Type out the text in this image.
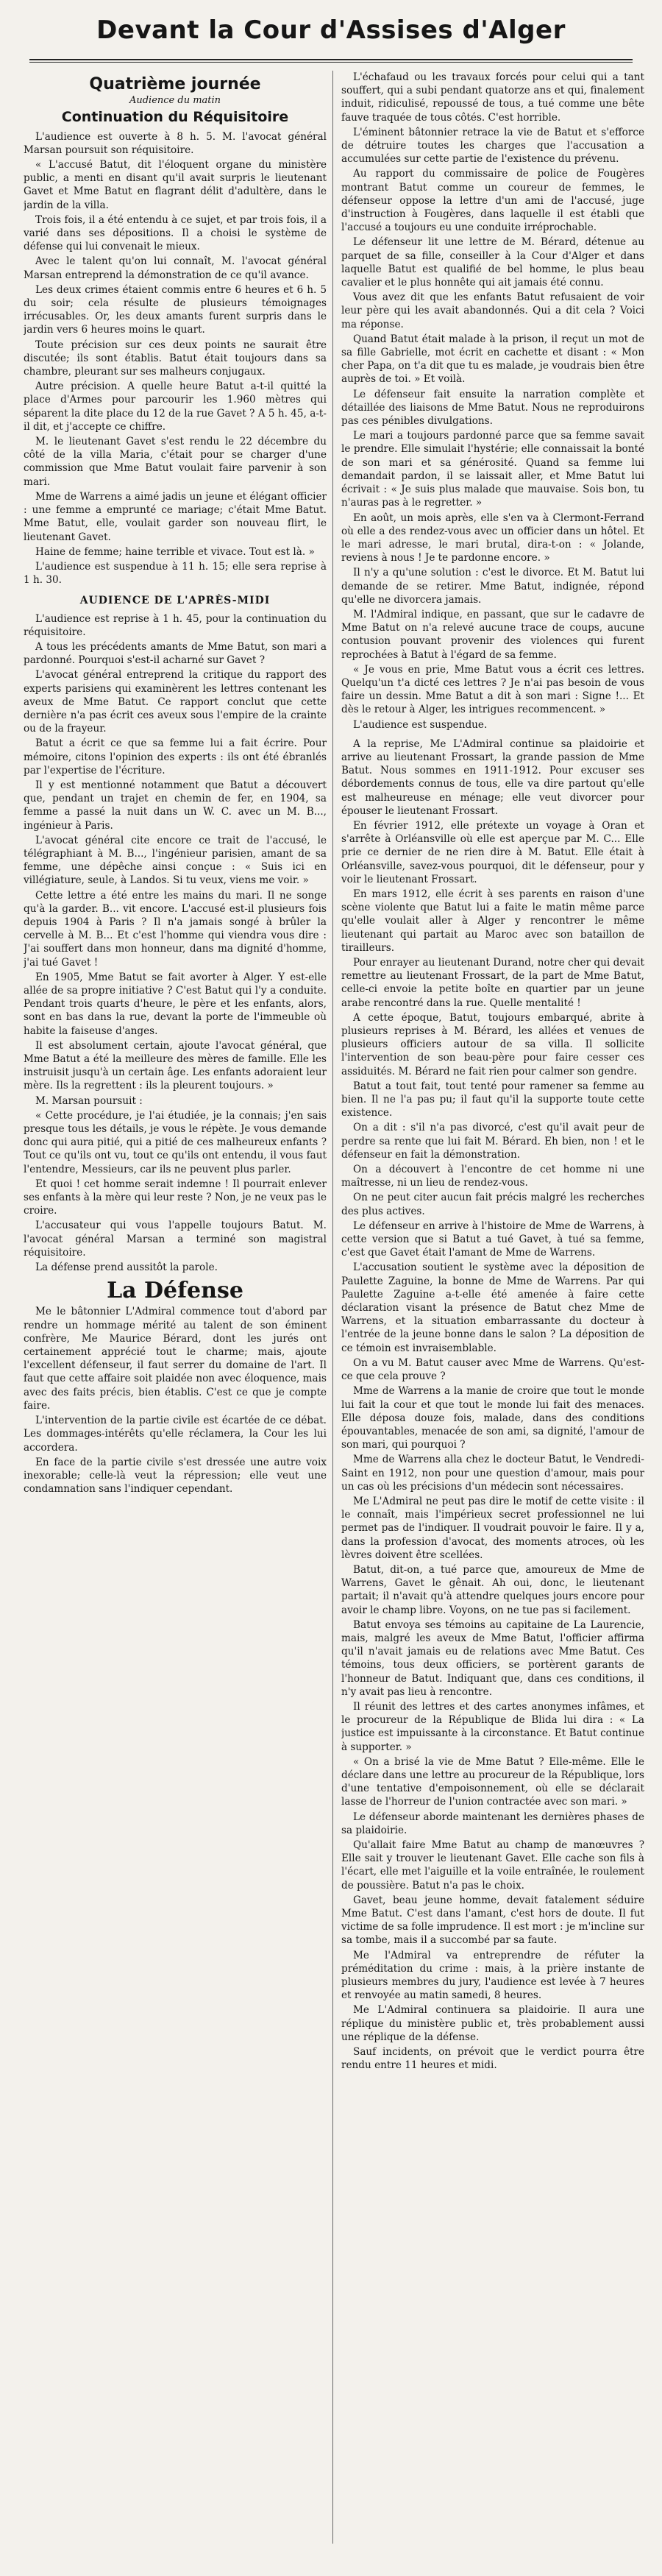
Devant la Cour d'Assises d'Alger
Quatrième journée
Audience du matin
Continuation du Réquisitoire

L'audience est ouverte à 8 h. 5. M. l'avocat général Marsan poursuit son réquisitoire.

« L'accusé Batut, dit l'éloquent organe du ministère public, a menti en disant qu'il avait surpris le lieutenant Gavet et Mme Batut en flagrant délit d'adultère, dans le jardin de la villa.

Trois fois, il a été entendu à ce sujet, et par trois fois, il a varié dans ses dépositions. Il a choisi le système de défense qui lui convenait le mieux.

Avec le talent qu'on lui connaît, M. l'avocat général Marsan entreprend la démonstration de ce qu'il avance.

Les deux crimes étaient commis entre 6 heures et 6 h. 5 du soir; cela résulte de plusieurs témoignages irrécusables. Or, les deux amants furent surpris dans le jardin vers 6 heures moins le quart.

Toute précision sur ces deux points ne saurait être discutée; ils sont établis. Batut était toujours dans sa chambre, pleurant sur ses malheurs conjugaux.

Autre précision. A quelle heure Batut a-t-il quitté la place d'Armes pour parcourir les 1.960 mètres qui séparent la dite place du 12 de la rue Gavet ? A 5 h. 45, a-t-il dit, et j'accepte ce chiffre.

M. le lieutenant Gavet s'est rendu le 22 décembre du côté de la villa Maria, c'était pour se charger d'une commission que Mme Batut voulait faire parvenir à son mari.

Mme de Warrens a aimé jadis un jeune et élégant officier : une femme a emprunté ce mariage; c'était Mme Batut. Mme Batut, elle, voulait garder son nouveau flirt, le lieutenant Gavet.

Haine de femme; haine terrible et vivace. Tout est là. »

L'audience est suspendue à 11 h. 15; elle sera reprise à 1 h. 30.

AUDIENCE DE L'APRÈS-MIDI

L'audience est reprise à 1 h. 45, pour la continuation du réquisitoire.

A tous les précédents amants de Mme Batut, son mari a pardonné. Pourquoi s'est-il acharné sur Gavet ?

L'avocat général entreprend la critique du rapport des experts parisiens qui examinèrent les lettres contenant les aveux de Mme Batut. Ce rapport conclut que cette dernière n'a pas écrit ces aveux sous l'empire de la crainte ou de la frayeur.

Batut a écrit ce que sa femme lui a fait écrire. Pour mémoire, citons l'opinion des experts : ils ont été ébranlés par l'expertise de l'écriture.

Il y est mentionné notamment que Batut a découvert que, pendant un trajet en chemin de fer, en 1904, sa femme a passé la nuit dans un W. C. avec un M. B..., ingénieur à Paris.

L'avocat général cite encore ce trait de l'accusé, le télégraphiant à M. B..., l'ingénieur parisien, amant de sa femme, une dépêche ainsi conçue : « Suis ici en villégiature, seule, à Landos. Si tu veux, viens me voir. »

Cette lettre a été entre les mains du mari. Il ne songe qu'à la garder. B... vit encore. L'accusé est-il plusieurs fois depuis 1904 à Paris ? Il n'a jamais songé à brûler la cervelle à M. B... Et c'est l'homme qui viendra vous dire : J'ai souffert dans mon honneur, dans ma dignité d'homme, j'ai tué Gavet !

En 1905, Mme Batut se fait avorter à Alger. Y est-elle allée de sa propre initiative ? C'est Batut qui l'y a conduite. Pendant trois quarts d'heure, le père et les enfants, alors, sont en bas dans la rue, devant la porte de l'immeuble où habite la faiseuse d'anges.

Il est absolument certain, ajoute l'avocat général, que Mme Batut a été la meilleure des mères de famille. Elle les instruisit jusqu'à un certain âge. Les enfants adoraient leur mère. Ils la regrettent : ils la pleurent toujours. »

M. Marsan poursuit :

« Cette procédure, je l'ai étudiée, je la connais; j'en sais presque tous les détails, je vous le répète. Je vous demande donc qui aura pitié, qui a pitié de ces malheureux enfants ? Tout ce qu'ils ont vu, tout ce qu'ils ont entendu, il vous faut l'entendre, Messieurs, car ils ne peuvent plus parler.

Et quoi ! cet homme serait indemne ! Il pourrait enlever ses enfants à la mère qui leur reste ? Non, je ne veux pas le croire.

L'accusateur qui vous l'appelle toujours Batut. M. l'avocat général Marsan a terminé son magistral réquisitoire.

La défense prend aussitôt la parole.

La Défense

Me le bâtonnier L'Admiral commence tout d'abord par rendre un hommage mérité au talent de son éminent confrère, Me Maurice Bérard, dont les jurés ont certainement apprécié tout le charme; mais, ajoute l'excellent défenseur, il faut serrer du domaine de l'art. Il faut que cette affaire soit plaidée non avec éloquence, mais avec des faits précis, bien établis. C'est ce que je compte faire.

L'intervention de la partie civile est écartée de ce débat. Les dommages-intérêts qu'elle réclamera, la Cour les lui accordera.

En face de la partie civile s'est dressée une autre voix inexorable; celle-là veut la répression; elle veut une condamnation sans l'indiquer cependant.

L'échafaud ou les travaux forcés pour celui qui a tant souffert, qui a subi pendant quatorze ans et qui, finalement induit, ridiculisé, repoussé de tous, a tué comme une bête fauve traquée de tous côtés. C'est horrible.

L'éminent bâtonnier retrace la vie de Batut et s'efforce de détruire toutes les charges que l'accusation a accumulées sur cette partie de l'existence du prévenu.

Au rapport du commissaire de police de Fougères montrant Batut comme un coureur de femmes, le défenseur oppose la lettre d'un ami de l'accusé, juge d'instruction à Fougères, dans laquelle il est établi que l'accusé a toujours eu une conduite irréprochable.

Le défenseur lit une lettre de M. Bérard, détenue au parquet de sa fille, conseiller à la Cour d'Alger et dans laquelle Batut est qualifié de bel homme, le plus beau cavalier et le plus honnête qui ait jamais été connu.

Vous avez dit que les enfants Batut refusaient de voir leur père qui les avait abandonnés. Qui a dit cela ? Voici ma réponse.

Quand Batut était malade à la prison, il reçut un mot de sa fille Gabrielle, mot écrit en cachette et disant : « Mon cher Papa, on t'a dit que tu es malade, je voudrais bien être auprès de toi. » Et voilà.

Le défenseur fait ensuite la narration complète et détaillée des liaisons de Mme Batut. Nous ne reproduirons pas ces pénibles divulgations.

Le mari a toujours pardonné parce que sa femme savait le prendre. Elle simulait l'hystérie; elle connaissait la bonté de son mari et sa générosité. Quand sa femme lui demandait pardon, il se laissait aller, et Mme Batut lui écrivait : « Je suis plus malade que mauvaise. Sois bon, tu n'auras pas à le regretter. »

En août, un mois après, elle s'en va à Clermont-Ferrand où elle a des rendez-vous avec un officier dans un hôtel. Et le mari adresse, le mari brutal, dira-t-on : « Jolande, reviens à nous ! Je te pardonne encore. »

Il n'y a qu'une solution : c'est le divorce. Et M. Batut lui demande de se retirer. Mme Batut, indignée, répond qu'elle ne divorcera jamais.

M. l'Admiral indique, en passant, que sur le cadavre de Mme Batut on n'a relevé aucune trace de coups, aucune contusion pouvant provenir des violences qui furent reprochées à Batut à l'égard de sa femme.

« Je vous en prie, Mme Batut vous a écrit ces lettres. Quelqu'un t'a dicté ces lettres ? Je n'ai pas besoin de vous faire un dessin. Mme Batut a dit à son mari : Signe !... Et dès le retour à Alger, les intrigues recommencent. »

L'audience est suspendue.

A la reprise, Me L'Admiral continue sa plaidoirie et arrive au lieutenant Frossart, la grande passion de Mme Batut. Nous sommes en 1911-1912. Pour excuser ses débordements connus de tous, elle va dire partout qu'elle est malheureuse en ménage; elle veut divorcer pour épouser le lieutenant Frossart.

En février 1912, elle prétexte un voyage à Oran et s'arrête à Orléansville où elle est aperçue par M. C... Elle prie ce dernier de ne rien dire à M. Batut. Elle était à Orléansville, savez-vous pourquoi, dit le défenseur, pour y voir le lieutenant Frossart.

En mars 1912, elle écrit à ses parents en raison d'une scène violente que Batut lui a faite le matin même parce qu'elle voulait aller à Alger y rencontrer le même lieutenant qui partait au Maroc avec son bataillon de tirailleurs.

Pour enrayer au lieutenant Durand, notre cher qui devait remettre au lieutenant Frossart, de la part de Mme Batut, celle-ci envoie la petite boîte en quartier par un jeune arabe rencontré dans la rue. Quelle mentalité !

A cette époque, Batut, toujours embarqué, abrite à plusieurs reprises à M. Bérard, les allées et venues de plusieurs officiers autour de sa villa. Il sollicite l'intervention de son beau-père pour faire cesser ces assiduités. M. Bérard ne fait rien pour calmer son gendre.

Batut a tout fait, tout tenté pour ramener sa femme au bien. Il ne l'a pas pu; il faut qu'il la supporte toute cette existence.

On a dit : s'il n'a pas divorcé, c'est qu'il avait peur de perdre sa rente que lui fait M. Bérard. Eh bien, non ! et le défenseur en fait la démonstration.

On a découvert à l'encontre de cet homme ni une maîtresse, ni un lieu de rendez-vous.

On ne peut citer aucun fait précis malgré les recherches des plus actives.

Le défenseur en arrive à l'histoire de Mme de Warrens, à cette version que si Batut a tué Gavet, à tué sa femme, c'est que Gavet était l'amant de Mme de Warrens.

L'accusation soutient le système avec la déposition de Paulette Zaguine, la bonne de Mme de Warrens. Par qui Paulette Zaguine a-t-elle été amenée à faire cette déclaration visant la présence de Batut chez Mme de Warrens, et la situation embarrassante du docteur à l'entrée de la jeune bonne dans le salon ? La déposition de ce témoin est invraisemblable.

On a vu M. Batut causer avec Mme de Warrens. Qu'est-ce que cela prouve ?

Mme de Warrens a la manie de croire que tout le monde lui fait la cour et que tout le monde lui fait des menaces. Elle déposa douze fois, malade, dans des conditions épouvantables, menacée de son ami, sa dignité, l'amour de son mari, qui pourquoi ?

Mme de Warrens alla chez le docteur Batut, le Vendredi-Saint en 1912, non pour une question d'amour, mais pour un cas où les précisions d'un médecin sont nécessaires.

Me L'Admiral ne peut pas dire le motif de cette visite : il le connaît, mais l'impérieux secret professionnel ne lui permet pas de l'indiquer. Il voudrait pouvoir le faire. Il y a, dans la profession d'avocat, des moments atroces, où les lèvres doivent être scellées.

Batut, dit-on, a tué parce que, amoureux de Mme de Warrens, Gavet le gênait. Ah oui, donc, le lieutenant partait; il n'avait qu'à attendre quelques jours encore pour avoir le champ libre. Voyons, on ne tue pas si facilement.

Batut envoya ses témoins au capitaine de La Laurencie, mais, malgré les aveux de Mme Batut, l'officier affirma qu'il n'avait jamais eu de relations avec Mme Batut. Ces témoins, tous deux officiers, se portèrent garants de l'honneur de Batut. Indiquant que, dans ces conditions, il n'y avait pas lieu à rencontre.

Il réunit des lettres et des cartes anonymes infâmes, et le procureur de la République de Blida lui dira : « La justice est impuissante à la circonstance. Et Batut continue à supporter. »

« On a brisé la vie de Mme Batut ? Elle-même. Elle le déclare dans une lettre au procureur de la République, lors d'une tentative d'empoisonnement, où elle se déclarait lasse de l'horreur de l'union contractée avec son mari. »

Le défenseur aborde maintenant les dernières phases de sa plaidoirie.

Qu'allait faire Mme Batut au champ de manœuvres ? Elle sait y trouver le lieutenant Gavet. Elle cache son fils à l'écart, elle met l'aiguille et la voile entraînée, le roulement de poussière. Batut n'a pas le choix.

Gavet, beau jeune homme, devait fatalement séduire Mme Batut. C'est dans l'amant, c'est hors de doute. Il fut victime de sa folle imprudence. Il est mort : je m'incline sur sa tombe, mais il a succombé par sa faute.

Me l'Admiral va entreprendre de réfuter la préméditation du crime : mais, à la prière instante de plusieurs membres du jury, l'audience est levée à 7 heures et renvoyée au matin samedi, 8 heures.

Me L'Admiral continuera sa plaidoirie. Il aura une réplique du ministère public et, très probablement aussi une réplique de la défense.

Sauf incidents, on prévoit que le verdict pourra être rendu entre 11 heures et midi.
